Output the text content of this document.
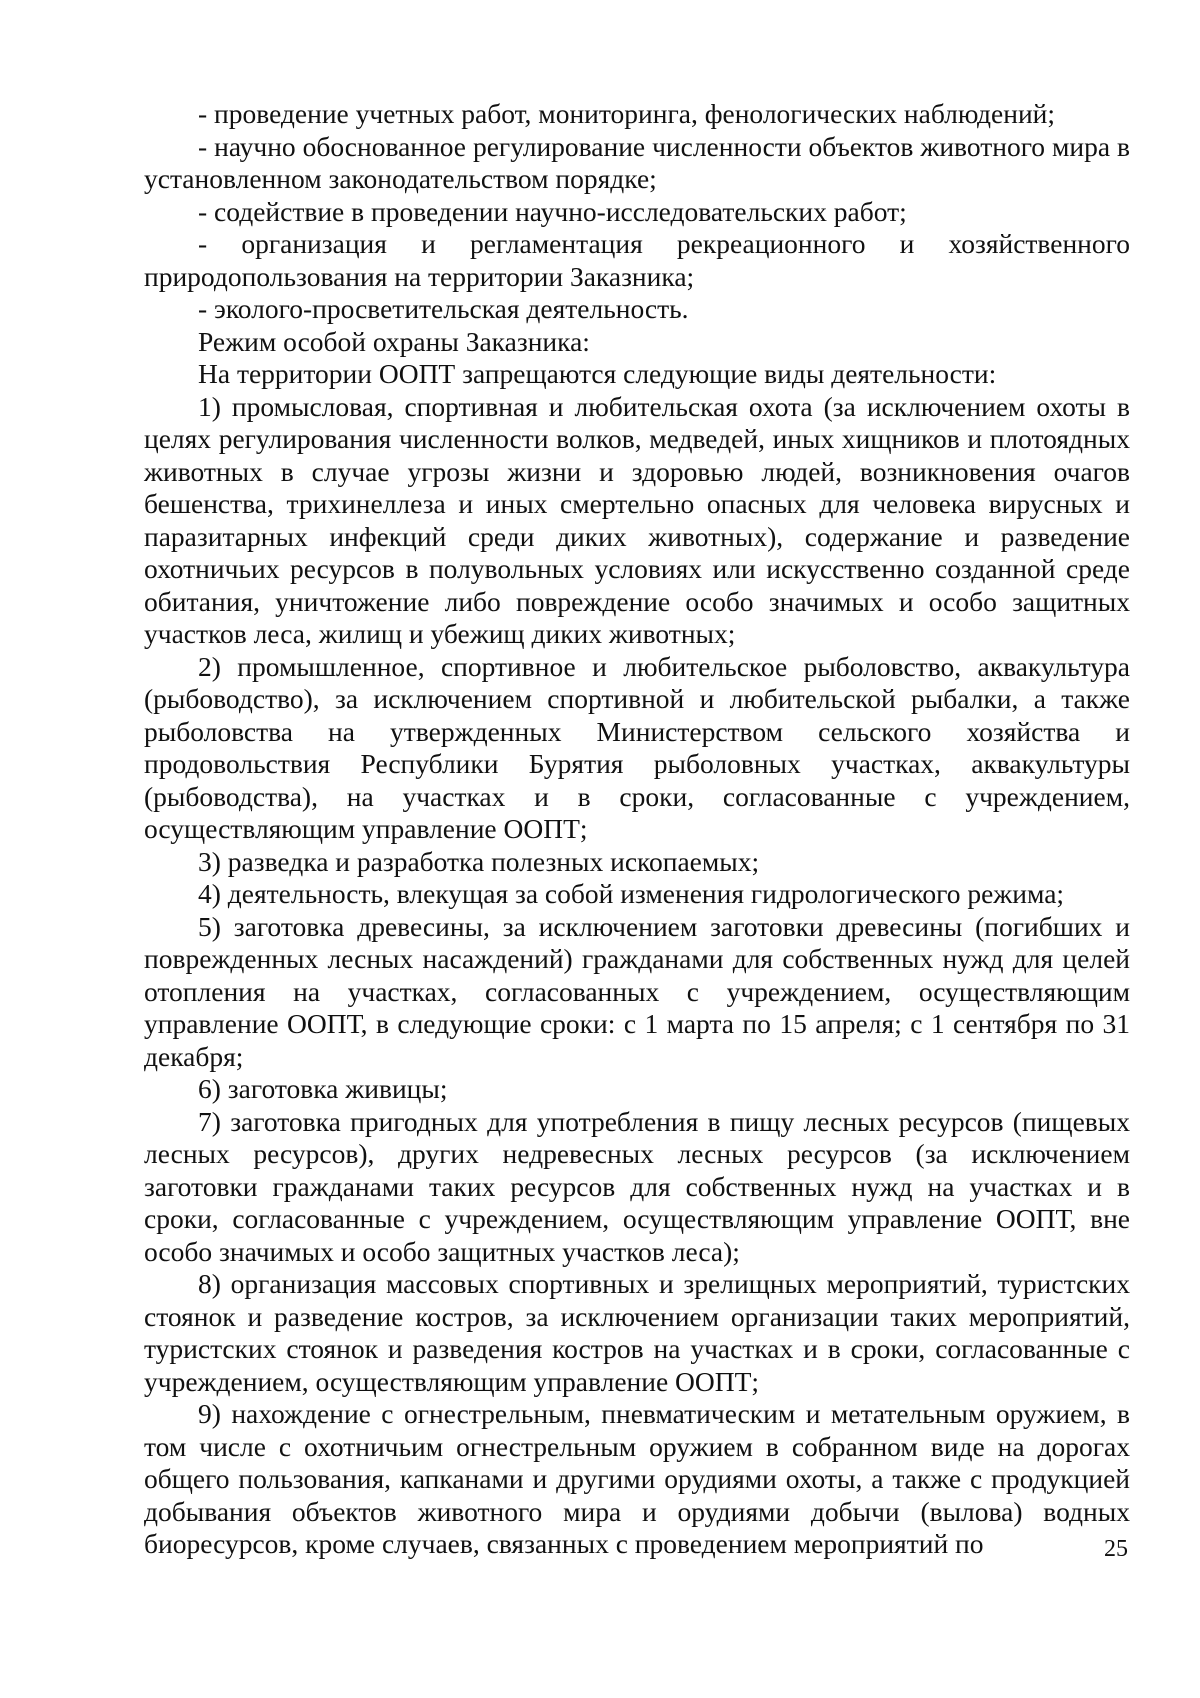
- проведение учетных работ, мониторинга, фенологических наблюдений;

- научно обоснованное регулирование численности объектов животного мира в установленном законодательством порядке;

- содействие в проведении научно-исследовательских работ;

- организация и регламентация рекреационного и хозяйственного природопользования на территории Заказника;

- эколого-просветительская деятельность.

Режим особой охраны Заказника:

На территории ООПТ запрещаются следующие виды деятельности:

1) промысловая, спортивная и любительская охота (за исключением охоты в целях регулирования численности волков, медведей, иных хищников и плотоядных животных в случае угрозы жизни и здоровью людей, возникновения очагов бешенства, трихинеллеза и иных смертельно опасных для человека вирусных и паразитарных инфекций среди диких животных), содержание и разведение охотничьих ресурсов в полувольных условиях или искусственно созданной среде обитания, уничтожение либо повреждение особо значимых и особо защитных участков леса, жилищ и убежищ диких животных;

2) промышленное, спортивное и любительское рыболовство, аквакультура (рыбоводство), за исключением спортивной и любительской рыбалки, а также рыболовства на утвержденных Министерством сельского хозяйства и продовольствия Республики Бурятия рыболовных участках, аквакультуры (рыбоводства), на участках и в сроки, согласованные с учреждением, осуществляющим управление ООПТ;

3) разведка и разработка полезных ископаемых;

4) деятельность, влекущая за собой изменения гидрологического режима;

5) заготовка древесины, за исключением заготовки древесины (погибших и поврежденных лесных насаждений) гражданами для собственных нужд для целей отопления на участках, согласованных с учреждением, осуществляющим управление ООПТ, в следующие сроки: с 1 марта по 15 апреля; с 1 сентября по 31 декабря;

6) заготовка живицы;

7) заготовка пригодных для употребления в пищу лесных ресурсов (пищевых лесных ресурсов), других недревесных лесных ресурсов (за исключением заготовки гражданами таких ресурсов для собственных нужд на участках и в сроки, согласованные с учреждением, осуществляющим управление ООПТ, вне особо значимых и особо защитных участков леса);

8) организация массовых спортивных и зрелищных мероприятий, туристских стоянок и разведение костров, за исключением организации таких мероприятий, туристских стоянок и разведения костров на участках и в сроки, согласованные с учреждением, осуществляющим управление ООПТ;

9) нахождение с огнестрельным, пневматическим и метательным оружием, в том числе с охотничьим огнестрельным оружием в собранном виде на дорогах общего пользования, капканами и другими орудиями охоты, а также с продукцией добывания объектов животного мира и орудиями добычи (вылова) водных биоресурсов, кроме случаев, связанных с проведением мероприятий по	25
